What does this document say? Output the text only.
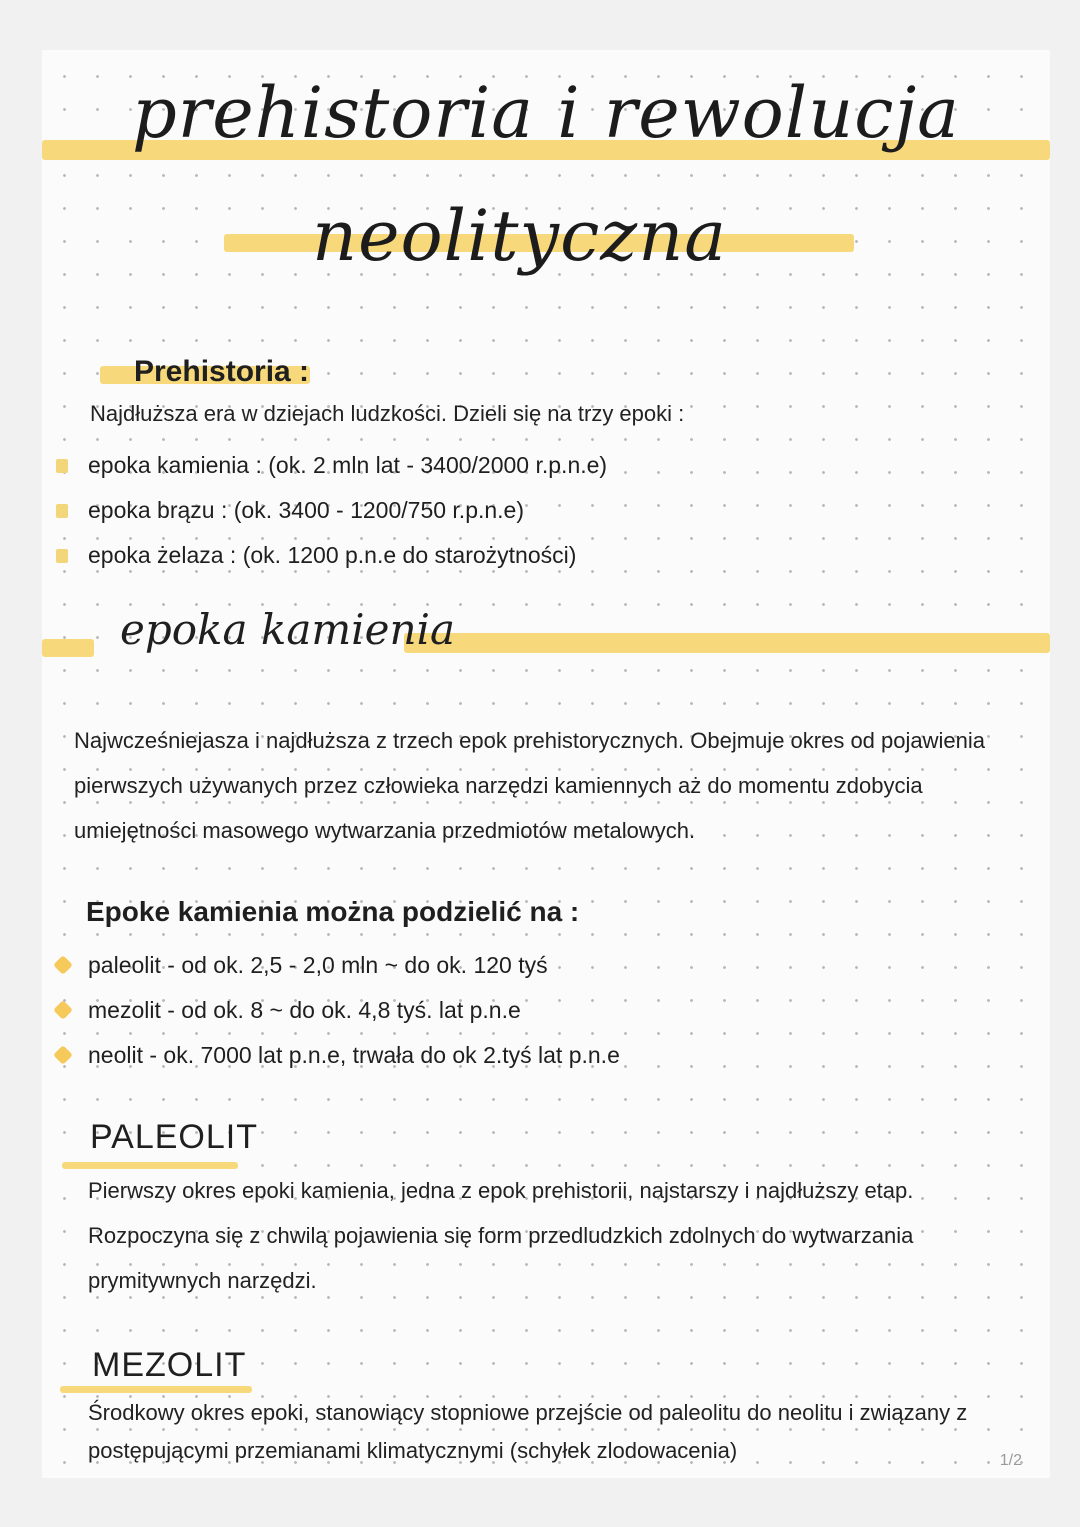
prehistoria i rewolucja
neolityczna
Prehistoria :
Najdłuższa era w dziejach ludzkości. Dzieli się na trzy epoki :
epoka kamienia : (ok. 2 mln lat - 3400/2000 r.p.n.e)
epoka brązu : (ok. 3400 - 1200/750 r.p.n.e)
epoka żelaza : (ok. 1200 p.n.e do starożytności)
epoka kamienia
Najwcześniejasza i najdłuższa z trzech epok prehistorycznych. Obejmuje okres od pojawienia pierwszych używanych przez człowieka narzędzi kamiennych aż do momentu zdobycia umiejętności masowego wytwarzania przedmiotów metalowych.
Epoke kamienia można podzielić na :
paleolit - od ok. 2,5 - 2,0 mln ~ do ok. 120 tyś
mezolit - od ok. 8 ~ do ok. 4,8 tyś. lat p.n.e
neolit - ok. 7000 lat p.n.e, trwała do ok 2.tyś lat p.n.e
PALEOLIT
Pierwszy okres epoki kamienia, jedna z epok prehistorii, najstarszy i najdłuższy etap. Rozpoczyna się z chwilą pojawienia się form przedludzkich zdolnych do wytwarzania prymitywnych narzędzi.
MEZOLIT
Środkowy okres epoki, stanowiący stopniowe przejście od paleolitu do neolitu i związany z postępującymi przemianami klimatycznymi (schyłek zlodowacenia)	1/2
